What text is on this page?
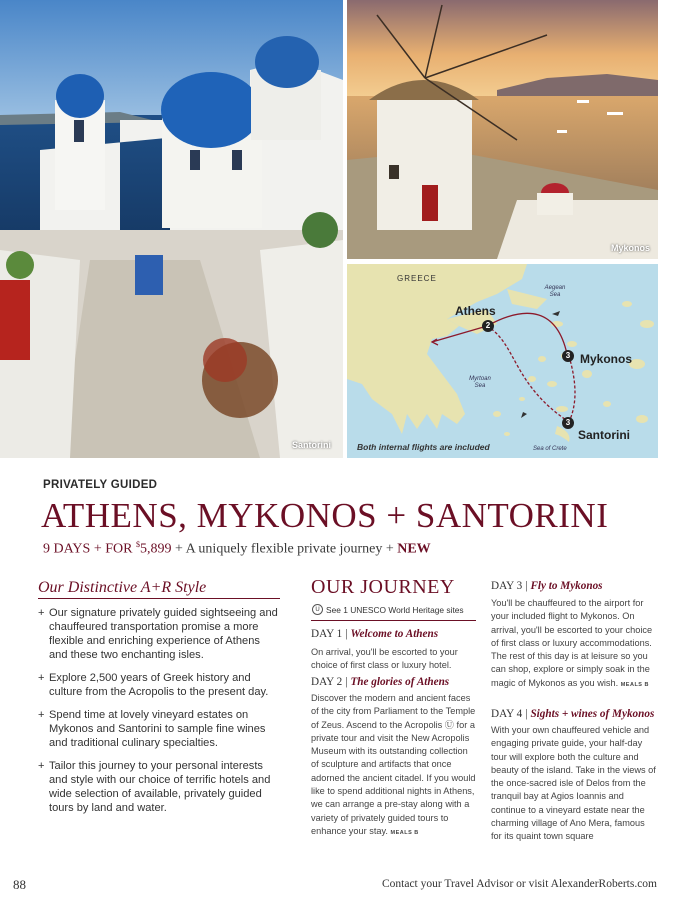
Santorini
Mykonos
GREECE
Aegean Sea
Myrtoan Sea
Sea of Crete
Athens
Mykonos
Santorini
2
3
3
Both internal flights are included
PRIVATELY GUIDED
ATHENS, MYKONOS + SANTORINI
9 DAYS + FOR $5,899 + A uniquely flexible private journey + NEW
Our Distinctive A+R Style
+ Our signature privately guided sightseeing and chauffeured transportation promise a more flexible and enriching experience of Athens and these two enchanting isles.
+ Explore 2,500 years of Greek history and culture from the Acropolis to the present day.
+ Spend time at lovely vineyard estates on Mykonos and Santorini to sample fine wines and traditional culinary specialties.
+ Tailor this journey to your personal interests and style with our choice of terrific hotels and wide selection of available, privately guided tours by land and water.
OUR JOURNEY
U See 1 UNESCO World Heritage sites
DAY 1 | Welcome to Athens
On arrival, you'll be escorted to your choice of first class or luxury hotel.
DAY 2 | The glories of Athens
Discover the modern and ancient faces of the city from Parliament to the Temple of Zeus. Ascend to the Acropolis Ⓤ for a private tour and visit the New Acropolis Museum with its outstanding collection of sculpture and artifacts that once adorned the ancient citadel. If you would like to spend additional nights in Athens, we can arrange a pre-stay along with a variety of privately guided tours to enhance your stay. MEALS B
DAY 3 | Fly to Mykonos
You'll be chauffeured to the airport for your included flight to Mykonos. On arrival, you'll be escorted to your choice of first class or luxury accommodations. The rest of this day is at leisure so you can shop, explore or simply soak in the magic of Mykonos as you wish. MEALS B
DAY 4 | Sights + wines of Mykonos
With your own chauffeured vehicle and engaging private guide, your half-day tour will explore both the culture and beauty of the island. Take in the views of the once-sacred isle of Delos from the tranquil bay at Agios Ioannis and continue to a vineyard estate near the charming village of Ano Mera, famous for its quaint town square
88	Contact your Travel Advisor or visit AlexanderRoberts.com
